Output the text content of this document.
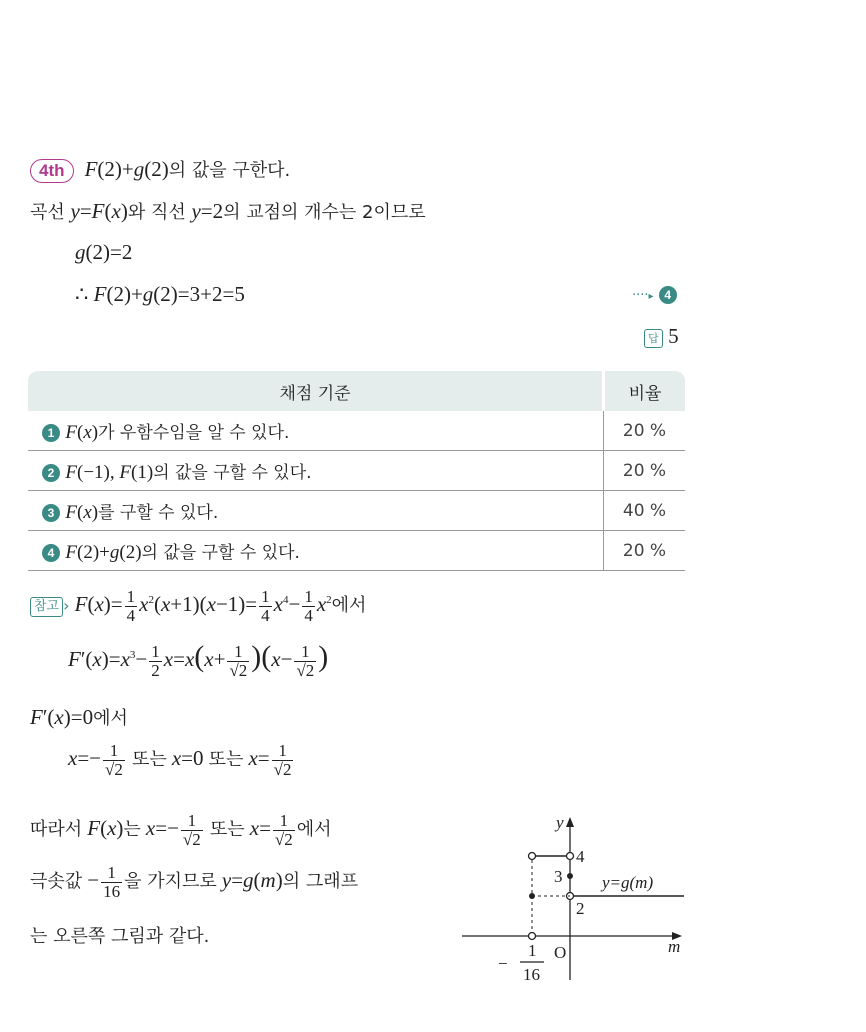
4th F(2)+g(2)의 값을 구한다.
곡선 y=F(x)와 직선 y=2의 교점의 개수는 2이므로
g(2)=2
∴ F(2)+g(2)=3+2=5	····▸ 4
답 5
채점 기준	비율
1 F(x)가 우함수임을 알 수 있다.	20 %
2 F(−1), F(1)의 값을 구할 수 있다.	20 %
3 F(x)를 구할 수 있다.	40 %
4 F(2)+g(2)의 값을 구할 수 있다.	20 %
참고 › $F(x)= \frac{1}{4} x^2(x+1)(x-1)= \frac{1}{4} x^4- \frac{1}{4} x^2$에서
$F'(x)=x^3- \frac{1}{2} x=x(x+ \frac{1}{√2} )(x- \frac{1}{√2}$ )
F′(x)=0에서
$x=- \frac{1}{√2}$ 또는 x=0 또는 $x= \frac{1}{√2}$
따라서 F(x)는 $x=- \frac{1}{√2}$ 또는 $x= \frac{1}{√2}$ 에서
극솟값 − $\frac{1}{16}$ 을 가지므로 y=g(m)의 그래프
는 오른쪽 그림과 같다.
y
m
O
4
3
2
y=g(m)
−
1
16
